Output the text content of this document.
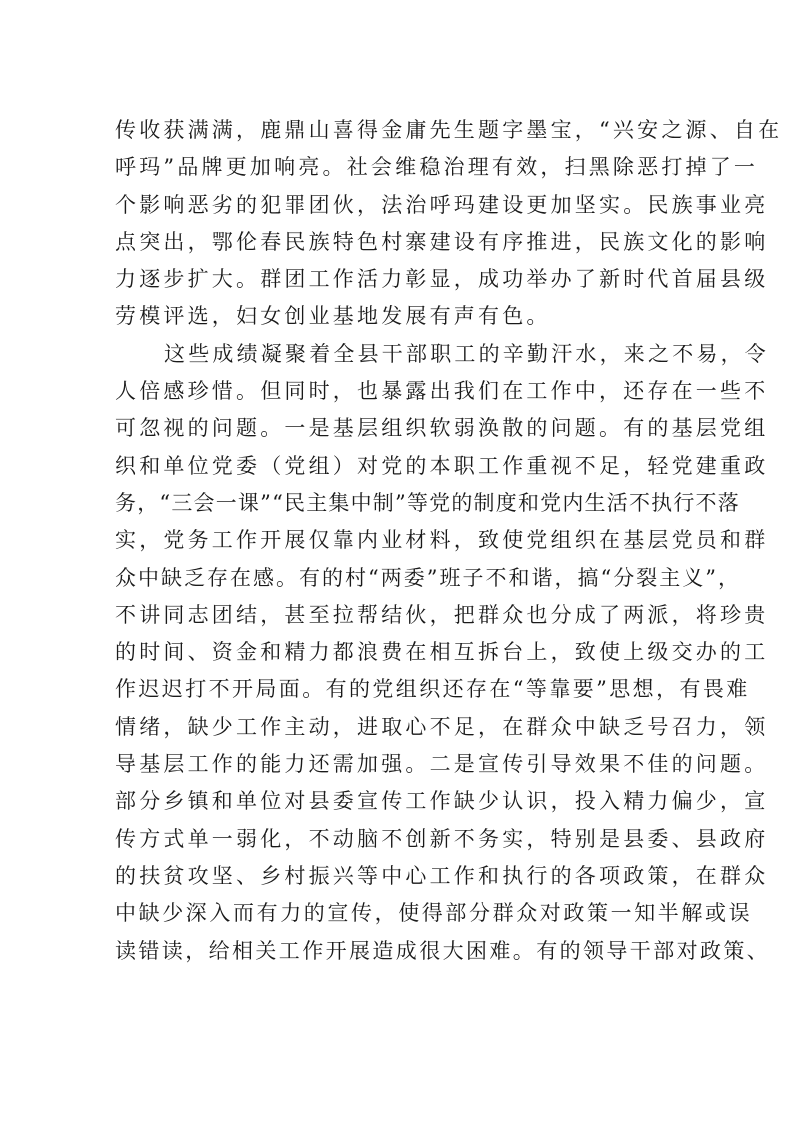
传收获满满，鹿鼎山喜得金庸先生题字墨宝，“兴安之源、自在
呼玛”品牌更加响亮。社会维稳治理有效，扫黑除恶打掉了一
个影响恶劣的犯罪团伙，法治呼玛建设更加坚实。民族事业亮
点突出，鄂伦春民族特色村寨建设有序推进，民族文化的影响
力逐步扩大。群团工作活力彰显，成功举办了新时代首届县级
劳模评选，妇女创业基地发展有声有色。

这些成绩凝聚着全县干部职工的辛勤汗水，来之不易，令
人倍感珍惜。但同时，也暴露出我们在工作中，还存在一些不
可忽视的问题。一是基层组织软弱涣散的问题。有的基层党组
织和单位党委（党组）对党的本职工作重视不足，轻党建重政
务，“三会一课”“民主集中制”等党的制度和党内生活不执行不落
实，党务工作开展仅靠内业材料，致使党组织在基层党员和群
众中缺乏存在感。有的村“两委”班子不和谐，搞“分裂主义”，
不讲同志团结，甚至拉帮结伙，把群众也分成了两派，将珍贵
的时间、资金和精力都浪费在相互拆台上，致使上级交办的工
作迟迟打不开局面。有的党组织还存在“等靠要”思想，有畏难
情绪，缺少工作主动，进取心不足，在群众中缺乏号召力，领
导基层工作的能力还需加强。二是宣传引导效果不佳的问题。
部分乡镇和单位对县委宣传工作缺少认识，投入精力偏少，宣
传方式单一弱化，不动脑不创新不务实，特别是县委、县政府
的扶贫攻坚、乡村振兴等中心工作和执行的各项政策，在群众
中缺少深入而有力的宣传，使得部分群众对政策一知半解或误
读错读，给相关工作开展造成很大困难。有的领导干部对政策、
